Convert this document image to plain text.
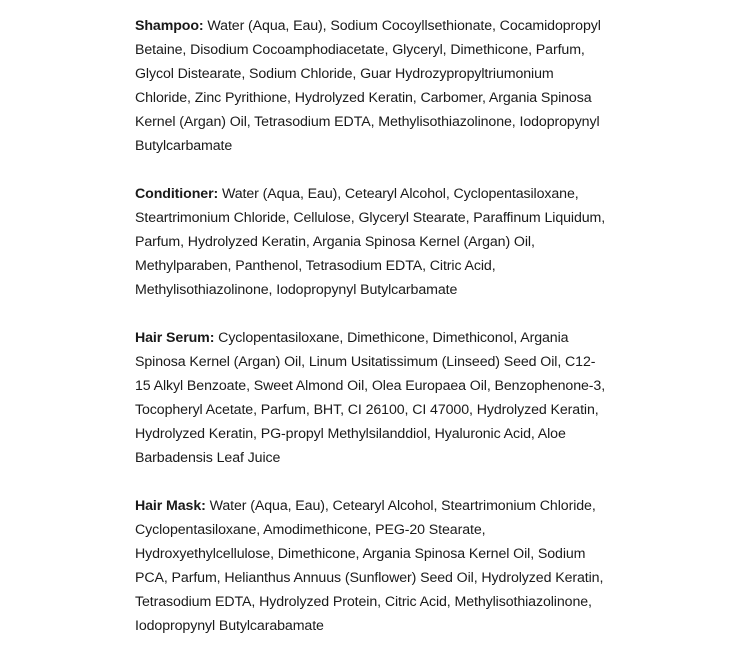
Shampoo: Water (Aqua, Eau), Sodium Cocoyllsethionate, Cocamidopropyl Betaine, Disodium Cocoamphodiacetate, Glyceryl, Dimethicone, Parfum, Glycol Distearate, Sodium Chloride, Guar Hydrozypropyltriumonium Chloride, Zinc Pyrithione, Hydrolyzed Keratin, Carbomer, Argania Spinosa Kernel (Argan) Oil, Tetrasodium EDTA, Methylisothiazolinone, Iodopropynyl Butylcarbamate

Conditioner: Water (Aqua, Eau), Cetearyl Alcohol, Cyclopentasiloxane, Steartrimonium Chloride, Cellulose, Glyceryl Stearate, Paraffinum Liquidum, Parfum, Hydrolyzed Keratin, Argania Spinosa Kernel (Argan) Oil, Methylparaben, Panthenol, Tetrasodium EDTA, Citric Acid, Methylisothiazolinone, Iodopropynyl Butylcarbamate

Hair Serum: Cyclopentasiloxane, Dimethicone, Dimethiconol, Argania Spinosa Kernel (Argan) Oil, Linum Usitatissimum (Linseed) Seed Oil, C12-15 Alkyl Benzoate, Sweet Almond Oil, Olea Europaea Oil, Benzophenone-3, Tocopheryl Acetate, Parfum, BHT, CI 26100, CI 47000, Hydrolyzed Keratin, Hydrolyzed Keratin, PG-propyl Methylsilanddiol, Hyaluronic Acid, Aloe Barbadensis Leaf Juice

Hair Mask: Water (Aqua, Eau), Cetearyl Alcohol, Steartrimonium Chloride, Cyclopentasiloxane, Amodimethicone, PEG-20 Stearate, Hydroxyethylcellulose, Dimethicone, Argania Spinosa Kernel Oil, Sodium PCA, Parfum, Helianthus Annuus (Sunflower) Seed Oil, Hydrolyzed Keratin, Tetrasodium EDTA, Hydrolyzed Protein, Citric Acid, Methylisothiazolinone, Iodopropynyl Butylcarabamate
